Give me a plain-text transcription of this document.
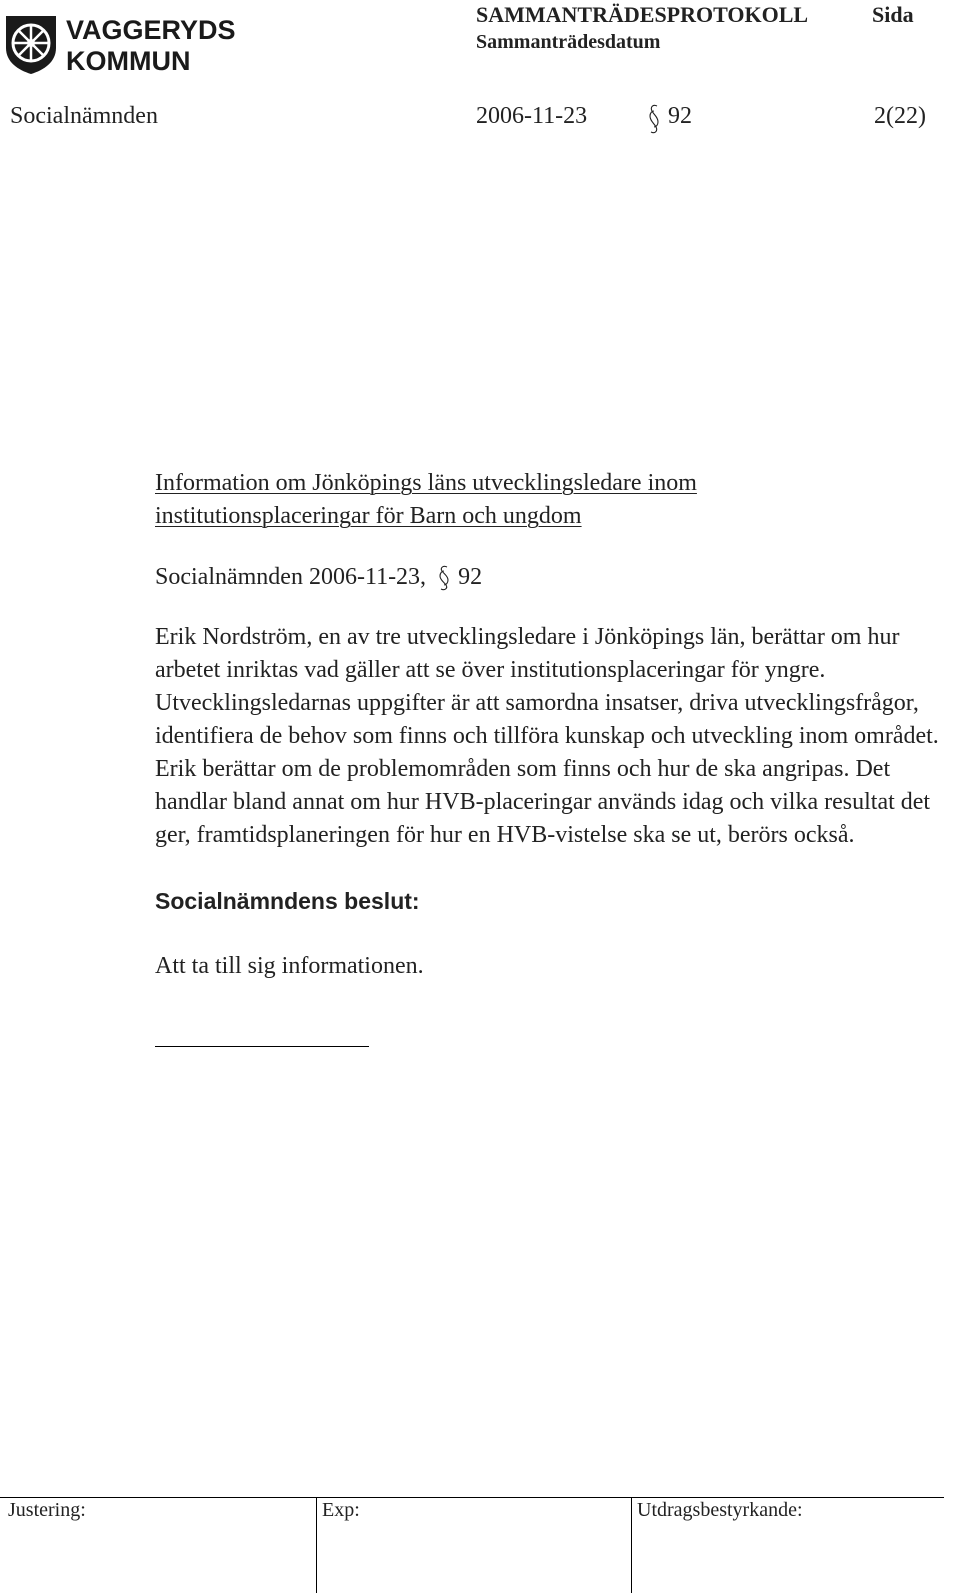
VAGGERYDS
KOMMUN
SAMMANTRÄDESPROTOKOLL	Sida
Sammanträdesdatum
Socialnämnden	2006-11-23	92	2(22)

Information om Jönköpings läns utvecklingsledare inom
institutionsplaceringar för Barn och ungdom

Socialnämnden 2006-11-23, 92

Erik Nordström, en av tre utvecklingsledare i Jönköpings län, berättar om hur arbetet inriktas vad gäller att se över institutionsplaceringar för yngre. Utvecklingsledarnas uppgifter är att samordna insatser, driva utvecklingsfrågor, identifiera de behov som finns och tillföra kunskap och utveckling inom området.

Erik berättar om de problemområden som finns och hur de ska angripas. Det handlar bland annat om hur HVB-placeringar används idag och vilka resultat det ger, framtidsplaneringen för hur en HVB-vistelse ska se ut, berörs också.

Socialnämndens beslut:

Att ta till sig informationen.

Justering:	Exp:	Utdragsbestyrkande:
